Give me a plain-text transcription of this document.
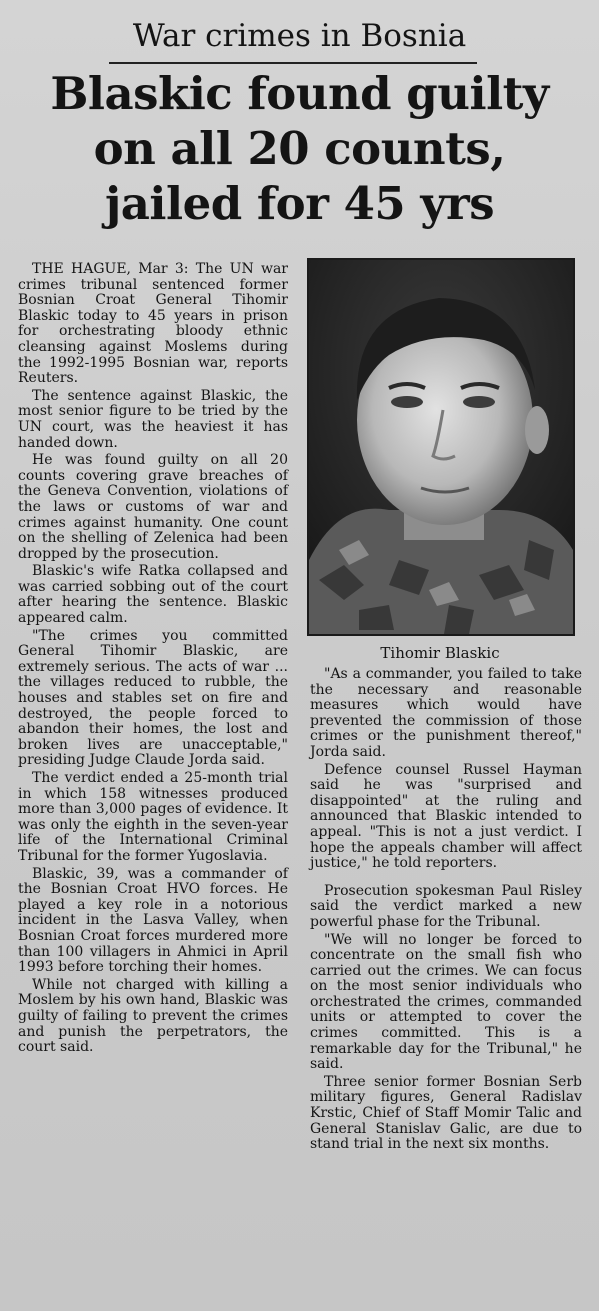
War crimes in Bosnia
Blaskic found guilty
on all 20 counts,
jailed for 45 yrs

THE HAGUE, Mar 3: The UN war crimes tribunal sentenced former Bosnian Croat General Tihomir Blaskic today to 45 years in prison for orchestrating bloody ethnic cleansing against Moslems during the 1992-1995 Bosnian war, reports Reuters.

The sentence against Blaskic, the most senior figure to be tried by the UN court, was the heaviest it has handed down.

He was found guilty on all 20 counts covering grave breaches of the Geneva Convention, violations of the laws or customs of war and crimes against humanity. One count on the shelling of Zelenica had been dropped by the prosecution.

Blaskic's wife Ratka collapsed and was carried sobbing out of the court after hearing the sentence. Blaskic appeared calm.

"The crimes you committed General Tihomir Blaskic, are extremely serious. The acts of war ... the villages reduced to rubble, the houses and stables set on fire and destroyed, the people forced to abandon their homes, the lost and broken lives are unacceptable," presiding Judge Claude Jorda said.

The verdict ended a 25-month trial in which 158 witnesses produced more than 3,000 pages of evidence. It was only the eighth in the seven-year life of the International Criminal Tribunal for the former Yugoslavia.

Blaskic, 39, was a commander of the Bosnian Croat HVO forces. He played a key role in a notorious incident in the Lasva Valley, when Bosnian Croat forces murdered more than 100 villagers in Ahmici in April 1993 before torching their homes.

While not charged with killing a Moslem by his own hand, Blaskic was guilty of failing to prevent the crimes and punish the perpetrators, the court said.

Tihomir Blaskic

"As a commander, you failed to take the necessary and reasonable measures which would have prevented the commission of those crimes or the punishment thereof," Jorda said.

Defence counsel Russel Hayman said he was "surprised and disappointed" at the ruling and announced that Blaskic intended to appeal. "This is not a just verdict. I hope the appeals chamber will affect justice," he told reporters.

Prosecution spokesman Paul Risley said the verdict marked a new powerful phase for the Tribunal.

"We will no longer be forced to concentrate on the small fish who carried out the crimes. We can focus on the most senior individuals who orchestrated the crimes, commanded units or attempted to cover the crimes committed. This is a remarkable day for the Tribunal," he said.

Three senior former Bosnian Serb military figures, General Radislav Krstic, Chief of Staff Momir Talic and General Stanislav Galic, are due to stand trial in the next six months.
